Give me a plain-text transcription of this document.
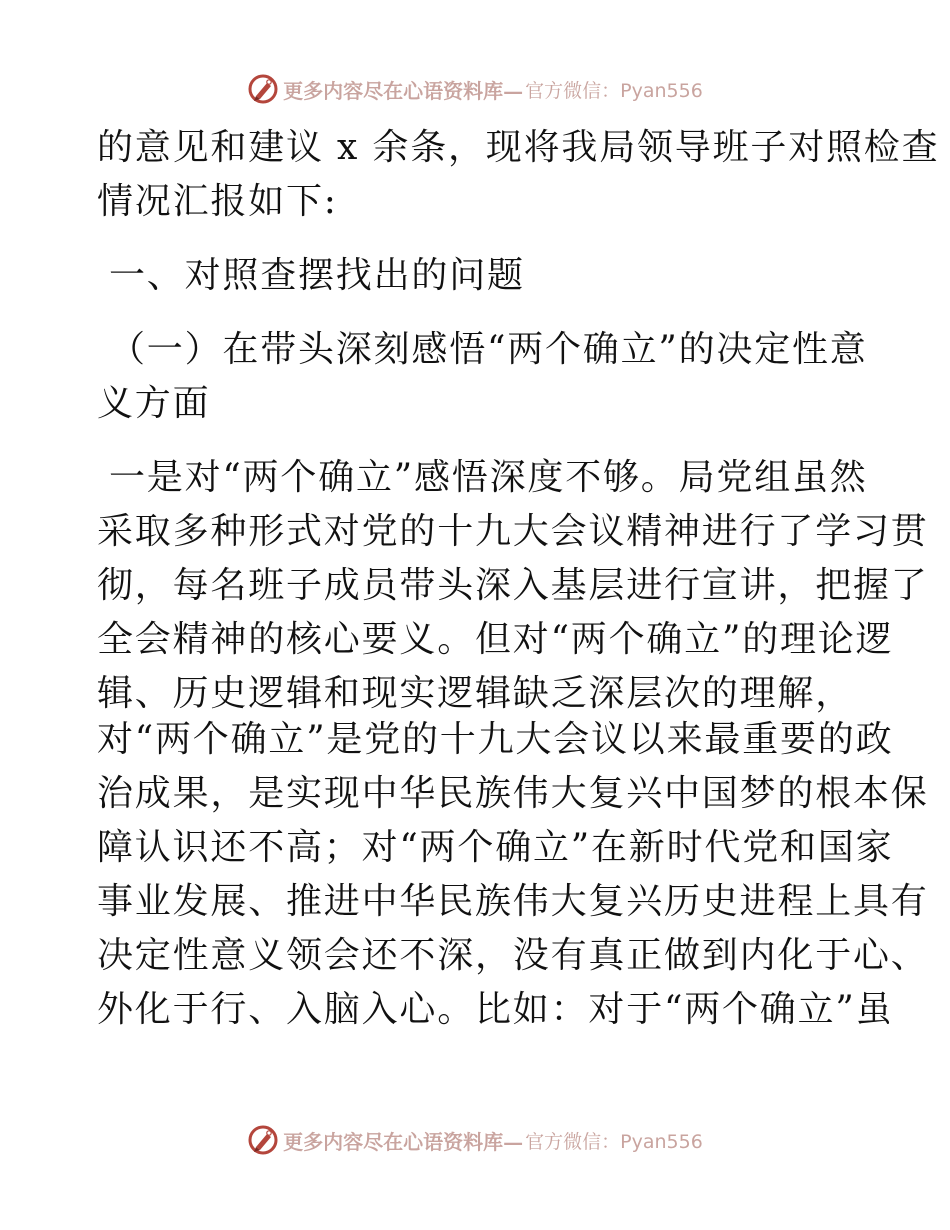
更多内容尽在心语资料库— 官方微信：Pyan556
的意见和建议 x 余条，现将我局领导班子对照检查
情况汇报如下:
一、对照查摆找出的问题
（一）在带头深刻感悟“两个确立”的决定性意
义方面
一是对“两个确立”感悟深度不够。局党组虽然
采取多种形式对党的十九大会议精神进行了学习贯
彻，每名班子成员带头深入基层进行宣讲，把握了
全会精神的核心要义。但对“两个确立”的理论逻
辑、历史逻辑和现实逻辑缺乏深层次的理解，
对“两个确立”是党的十九大会议以来最重要的政
治成果，是实现中华民族伟大复兴中国梦的根本保
障认识还不高；对“两个确立”在新时代党和国家
事业发展、推进中华民族伟大复兴历史进程上具有
决定性意义领会还不深，没有真正做到内化于心、
外化于行、入脑入心。比如：对于“两个确立”虽
更多内容尽在心语资料库— 官方微信：Pyan556
